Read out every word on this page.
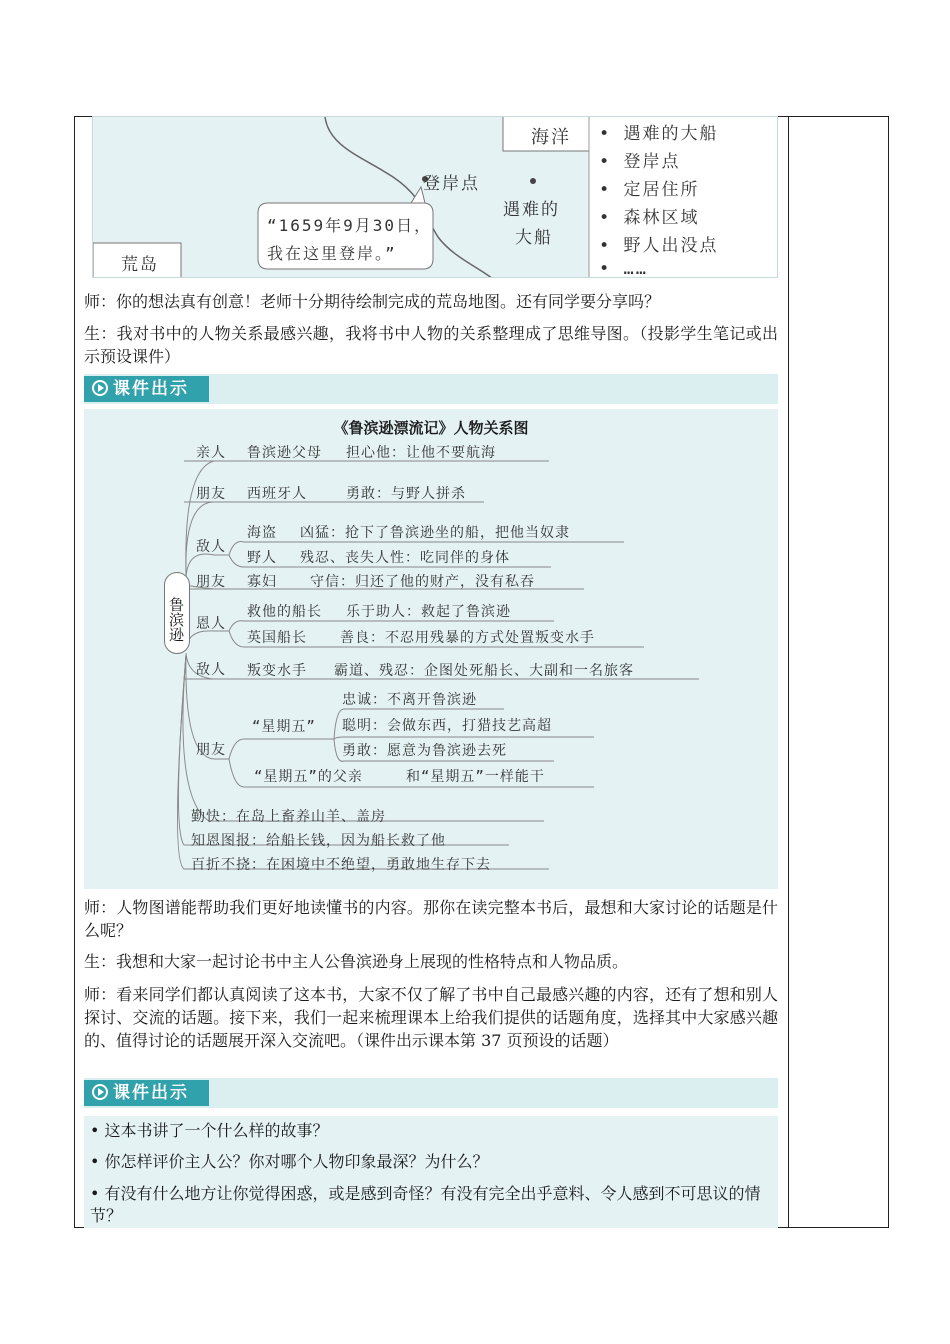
海洋
登岸点
遇难的
大船
荒岛
“1659年9月30日，
我在这里登岸。”
• 遇难的大船
• 登岸点
• 定居住所
• 森林区域
• 野人出没点
• ……
师：你的想法真有创意！老师十分期待绘制完成的荒岛地图。还有同学要分享吗？
生：我对书中的人物关系最感兴趣，我将书中人物的关系整理成了思维导图。（投影学生笔记或出示预设课件）
课件出示
《鲁滨逊漂流记》人物关系图
鲁滨逊
亲人 鲁滨逊父母 担心他：让他不要航海
朋友 西班牙人	勇敢：与野人拼杀
敌人
海盗 凶猛：抢下了鲁滨逊坐的船，把他当奴隶
野人 残忍、丧失人性：吃同伴的身体
朋友 寡妇 守信：归还了他的财产，没有私吞
恩人
救他的船长 乐于助人：救起了鲁滨逊
英国船长 善良：不忍用残暴的方式处置叛变水手
敌人 叛变水手 霸道、残忍：企图处死船长、大副和一名旅客
朋友
“星期五”
忠诚：不离开鲁滨逊
聪明：会做东西，打猎技艺高超
勇敢：愿意为鲁滨逊去死
“星期五”的父亲	和“星期五”一样能干
勤快：在岛上畜养山羊、盖房
知恩图报：给船长钱，因为船长救了他
百折不挠：在困境中不绝望，勇敢地生存下去
师：人物图谱能帮助我们更好地读懂书的内容。那你在读完整本书后，最想和大家讨论的话题是什么呢？
生：我想和大家一起讨论书中主人公鲁滨逊身上展现的性格特点和人物品质。
师：看来同学们都认真阅读了这本书，大家不仅了解了书中自己最感兴趣的内容，还有了想和别人探讨、交流的话题。接下来，我们一起来梳理课本上给我们提供的话题角度，选择其中大家感兴趣的、值得讨论的话题展开深入交流吧。（课件出示课本第 37 页预设的话题）
课件出示
• 这本书讲了一个什么样的故事？
• 你怎样评价主人公？你对哪个人物印象最深？为什么？
• 有没有什么地方让你觉得困惑，或是感到奇怪？有没有完全出乎意料、令人感到不可思议的情节？
